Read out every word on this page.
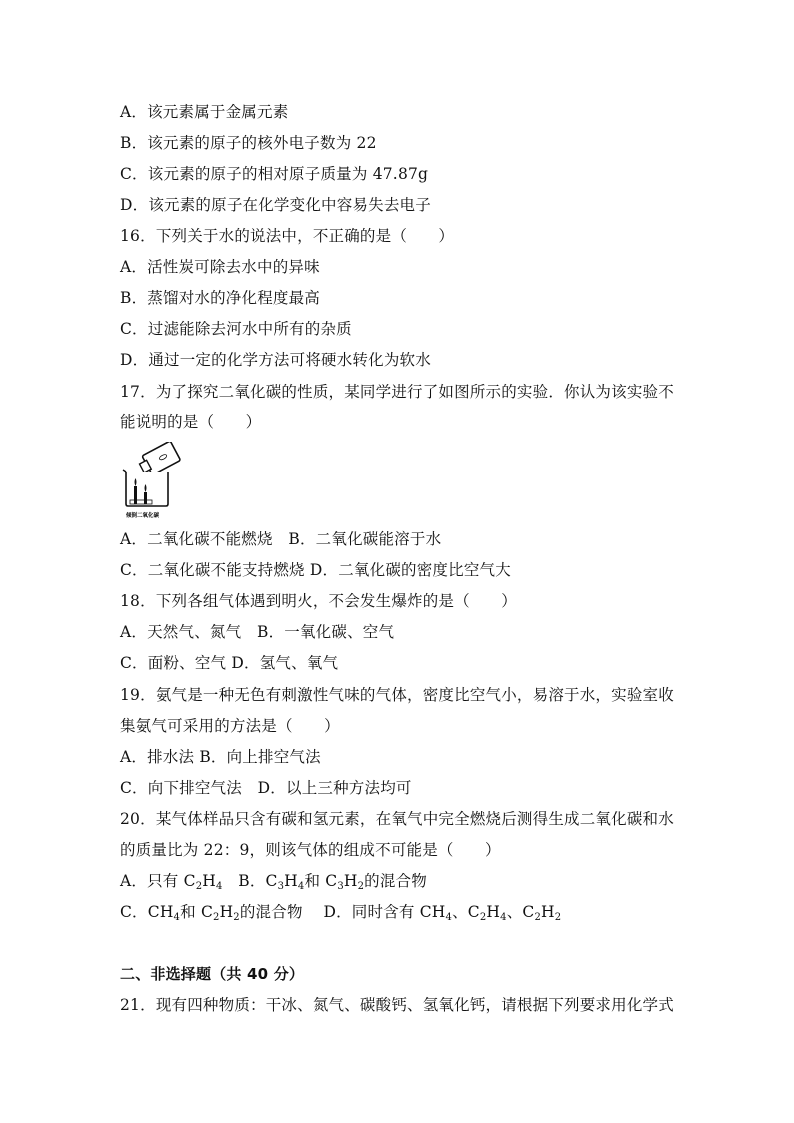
A．该元素属于金属元素
B．该元素的原子的核外电子数为 22
C．该元素的原子的相对原子质量为 47.87g
D．该元素的原子在化学变化中容易失去电子
16．下列关于水的说法中，不正确的是（　　）
A．活性炭可除去水中的异味
B．蒸馏对水的净化程度最高
C．过滤能除去河水中所有的杂质
D．通过一定的化学方法可将硬水转化为软水
17．为了探究二氧化碳的性质，某同学进行了如图所示的实验．你认为该实验不
能说明的是（　　）
倾倒二氧化碳
A．二氧化碳不能燃烧　B．二氧化碳能溶于水
C．二氧化碳不能支持燃烧 D．二氧化碳的密度比空气大
18．下列各组气体遇到明火，不会发生爆炸的是（　　）
A．天然气、氮气　B．一氧化碳、空气
C．面粉、空气 D．氢气、氧气
19．氨气是一种无色有刺激性气味的气体，密度比空气小，易溶于水，实验室收
集氨气可采用的方法是（　　）
A．排水法 B．向上排空气法
C．向下排空气法　D．以上三种方法均可
20．某气体样品只含有碳和氢元素，在氧气中完全燃烧后测得生成二氧化碳和水
的质量比为 22：9，则该气体的组成不可能是（　　）
A．只有 $C_2H_4$　B．$C_3H_4$和 $C_3H_2$的混合物
C．$CH_4$和 $C_2H_2$的混合物　 D．同时含有 $CH_4$、$C_2H_4$、$C_2H_2$
二、非选择题（共 40 分）
21．现有四种物质：干冰、氮气、碳酸钙、氢氧化钙，请根据下列要求用化学式
